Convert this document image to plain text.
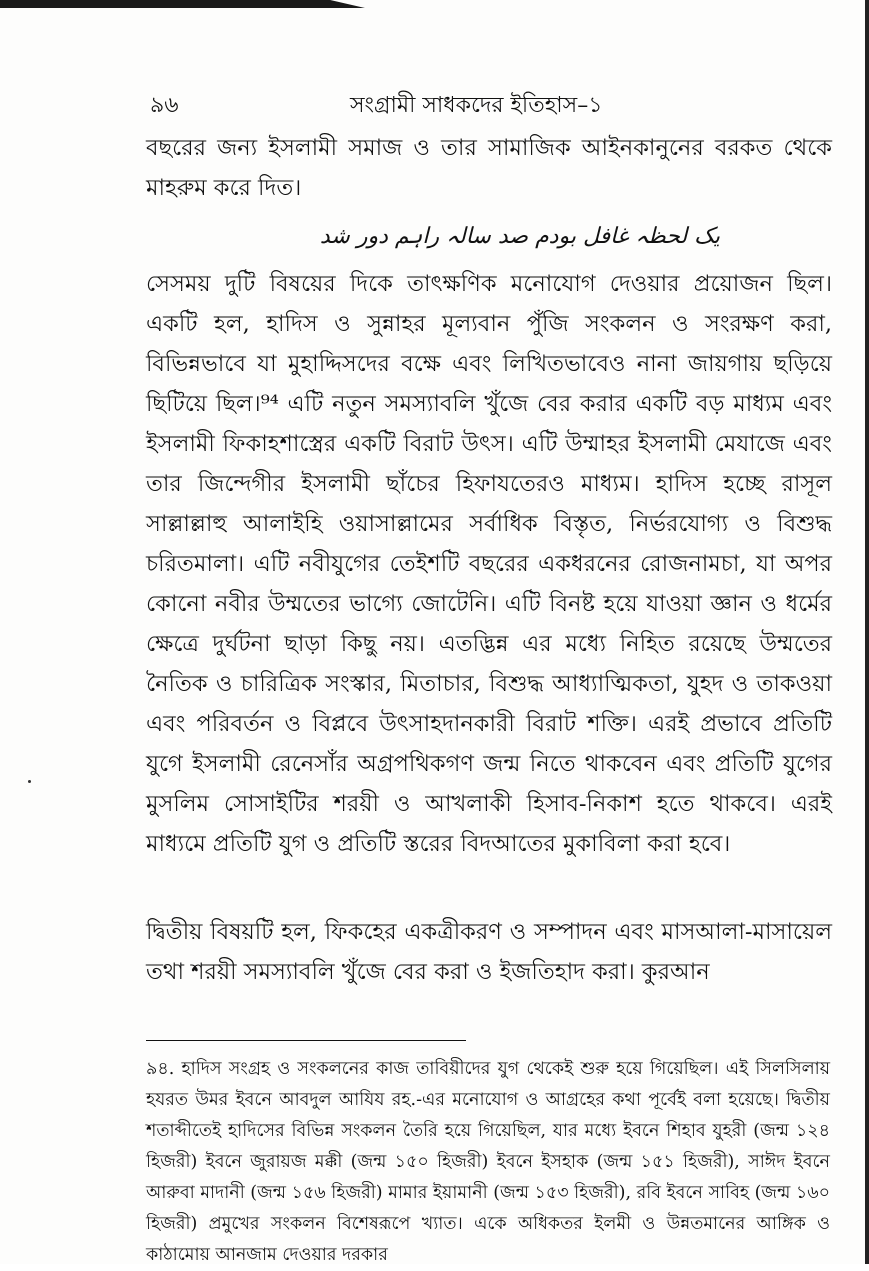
৯৬	সংগ্রামী সাধকদের ইতিহাস–১

বছরের জন্য ইসলামী সমাজ ও তার সামাজিক আইনকানুনের বরকত থেকে মাহরুম করে দিত।

یک لحظہ غافل بودم صد سالہ راہم دور شد

সেসময় দুটি বিষয়ের দিকে তাৎক্ষণিক মনোযোগ দেওয়ার প্রয়োজন ছিল। একটি হল, হাদিস ও সুন্নাহর মূল্যবান পুঁজি সংকলন ও সংরক্ষণ করা, বিভিন্নভাবে যা মুহাদ্দিসদের বক্ষে এবং লিখিতভাবেও নানা জায়গায় ছড়িয়ে ছিটিয়ে ছিল।⁹⁴ এটি নতুন সমস্যাবলি খুঁজে বের করার একটি বড় মাধ্যম এবং ইসলামী ফিকাহশাস্ত্রের একটি বিরাট উৎস। এটি উম্মাহর ইসলামী মেযাজে এবং তার জিন্দেগীর ইসলামী ছাঁচের হিফাযতেরও মাধ্যম। হাদিস হচ্ছে রাসূল সাল্লাল্লাহু আলাইহি ওয়াসাল্লামের সর্বাধিক বিস্তৃত, নির্ভরযোগ্য ও বিশুদ্ধ চরিতমালা। এটি নবীযুগের তেইশটি বছরের একধরনের রোজনামচা, যা অপর কোনো নবীর উম্মতের ভাগ্যে জোটেনি। এটি বিনষ্ট হয়ে যাওয়া জ্ঞান ও ধর্মের ক্ষেত্রে দুর্ঘটনা ছাড়া কিছু নয়। এতদ্ভিন্ন এর মধ্যে নিহিত রয়েছে উম্মতের নৈতিক ও চারিত্রিক সংস্কার, মিতাচার, বিশুদ্ধ আধ্যাত্মিকতা, যুহদ ও তাকওয়া এবং পরিবর্তন ও বিপ্লবে উৎসাহদানকারী বিরাট শক্তি। এরই প্রভাবে প্রতিটি যুগে ইসলামী রেনেসাঁর অগ্রপথিকগণ জন্ম নিতে থাকবেন এবং প্রতিটি যুগের মুসলিম সোসাইটির শরয়ী ও আখলাকী হিসাব-নিকাশ হতে থাকবে। এরই মাধ্যমে প্রতিটি যুগ ও প্রতিটি স্তরের বিদআতের মুকাবিলা করা হবে।

দ্বিতীয় বিষয়টি হল, ফিকহের একত্রীকরণ ও সম্পাদন এবং মাসআলা-মাসায়েল তথা শরয়ী সমস্যাবলি খুঁজে বের করা ও ইজতিহাদ করা। কুরআন

৯৪. হাদিস সংগ্রহ ও সংকলনের কাজ তাবিয়ীদের যুগ থেকেই শুরু হয়ে গিয়েছিল। এই সিলসিলায় হযরত উমর ইবনে আবদুল আযিয রহ.-এর মনোযোগ ও আগ্রহের কথা পূর্বেই বলা হয়েছে। দ্বিতীয় শতাব্দীতেই হাদিসের বিভিন্ন সংকলন তৈরি হয়ে গিয়েছিল, যার মধ্যে ইবনে শিহাব যুহরী (জন্ম ১২৪ হিজরী) ইবনে জুরায়জ মক্কী (জন্ম ১৫০ হিজরী) ইবনে ইসহাক (জন্ম ১৫১ হিজরী), সাঈদ ইবনে আরুবা মাদানী (জন্ম ১৫৬ হিজরী) মামার ইয়ামানী (জন্ম ১৫৩ হিজরী), রবি ইবনে সাবিহ (জন্ম ১৬০ হিজরী) প্রমুখের সংকলন বিশেষরূপে খ্যাত। একে অধিকতর ইলমী ও উন্নতমানের আঙ্গিক ও কাঠামোয় আনজাম দেওয়ার দরকার
